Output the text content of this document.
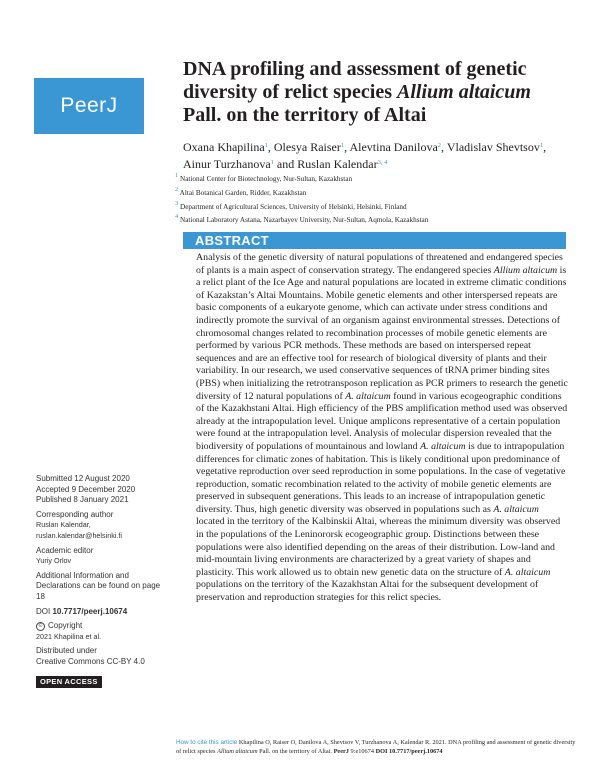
PeerJ
DNA profiling and assessment of genetic diversity of relict species Allium altaicum Pall. on the territory of Altai
Oxana Khapilina$^1$, Olesya Raiser$^1$, Alevtina Danilova$^2$, Vladislav Shevtsov$^1$, Ainur Turzhanova$^1$ and Ruslan Kalendar$^{3, 4}$
$^1$ National Center for Biotechnology, Nur-Sultan, Kazakhstan
$^2$ Altai Botanical Garden, Ridder, Kazakhstan
$^3$ Department of Agricultural Sciences, University of Helsinki, Helsinki, Finland
$^4$ National Laboratory Astana, Nazarbayev University, Nur-Sultan, Aqmola, Kazakhstan
ABSTRACT
Analysis of the genetic diversity of natural populations of threatened and endangered species of plants is a main aspect of conservation strategy. The endangered species Allium altaicum is a relict plant of the Ice Age and natural populations are located in extreme climatic conditions of Kazakstan’s Altai Mountains. Mobile genetic elements and other interspersed repeats are basic components of a eukaryote genome, which can activate under stress conditions and indirectly promote the survival of an organism against environmental stresses. Detections of chromosomal changes related to recombination processes of mobile genetic elements are performed by various PCR methods. These methods are based on interspersed repeat sequences and are an effective tool for research of biological diversity of plants and their variability. In our research, we used conservative sequences of tRNA primer binding sites (PBS) when initializing the retrotransposon replication as PCR primers to research the genetic diversity of 12 natural populations of A. altaicum found in various ecogeographic conditions of the Kazakhstani Altai. High efficiency of the PBS amplification method used was observed already at the intrapopulation level. Unique amplicons representative of a certain population were found at the intrapopulation level. Analysis of molecular dispersion revealed that the biodiversity of populations of mountainous and lowland A. altaicum is due to intrapopulation differences for climatic zones of habitation. This is likely conditional upon predominance of vegetative reproduction over seed reproduction in some populations. In the case of vegetative reproduction, somatic recombination related to the activity of mobile genetic elements are preserved in subsequent generations. This leads to an increase of intrapopulation genetic diversity. Thus, high genetic diversity was observed in populations such as A. altaicum located in the territory of the Kalbinskii Altai, whereas the minimum diversity was observed in the populations of the Leninororsk ecogeographic group. Distinctions between these populations were also identified depending on the areas of their distribution. Low-land and mid-mountain living environments are characterized by a great variety of shapes and plasticity. This work allowed us to obtain new genetic data on the structure of A. altaicum populations on the territory of the Kazakhstan Altai for the subsequent development of preservation and reproduction strategies for this relict species.
Submitted 12 August 2020
Accepted 9 December 2020
Published 8 January 2021
Corresponding author
Ruslan Kalendar,
ruslan.kalendar@helsinki.fi
Academic editor
Yuriy Orlov
Additional Information and Declarations can be found on page 18
DOI 10.7717/peerj.10674
© Copyright
2021 Khapilina et al.
Distributed under
Creative Commons CC-BY 4.0
OPEN ACCESS
How to cite this article Khapilina O, Raiser O, Danilova A, Shevtsov V, Turzhanova A, Kalendar R. 2021. DNA profiling and assessment of genetic diversity of relict species Allium altaicum Pall. on the territory of Altai. PeerJ 9:e10674 DOI 10.7717/peerj.10674
